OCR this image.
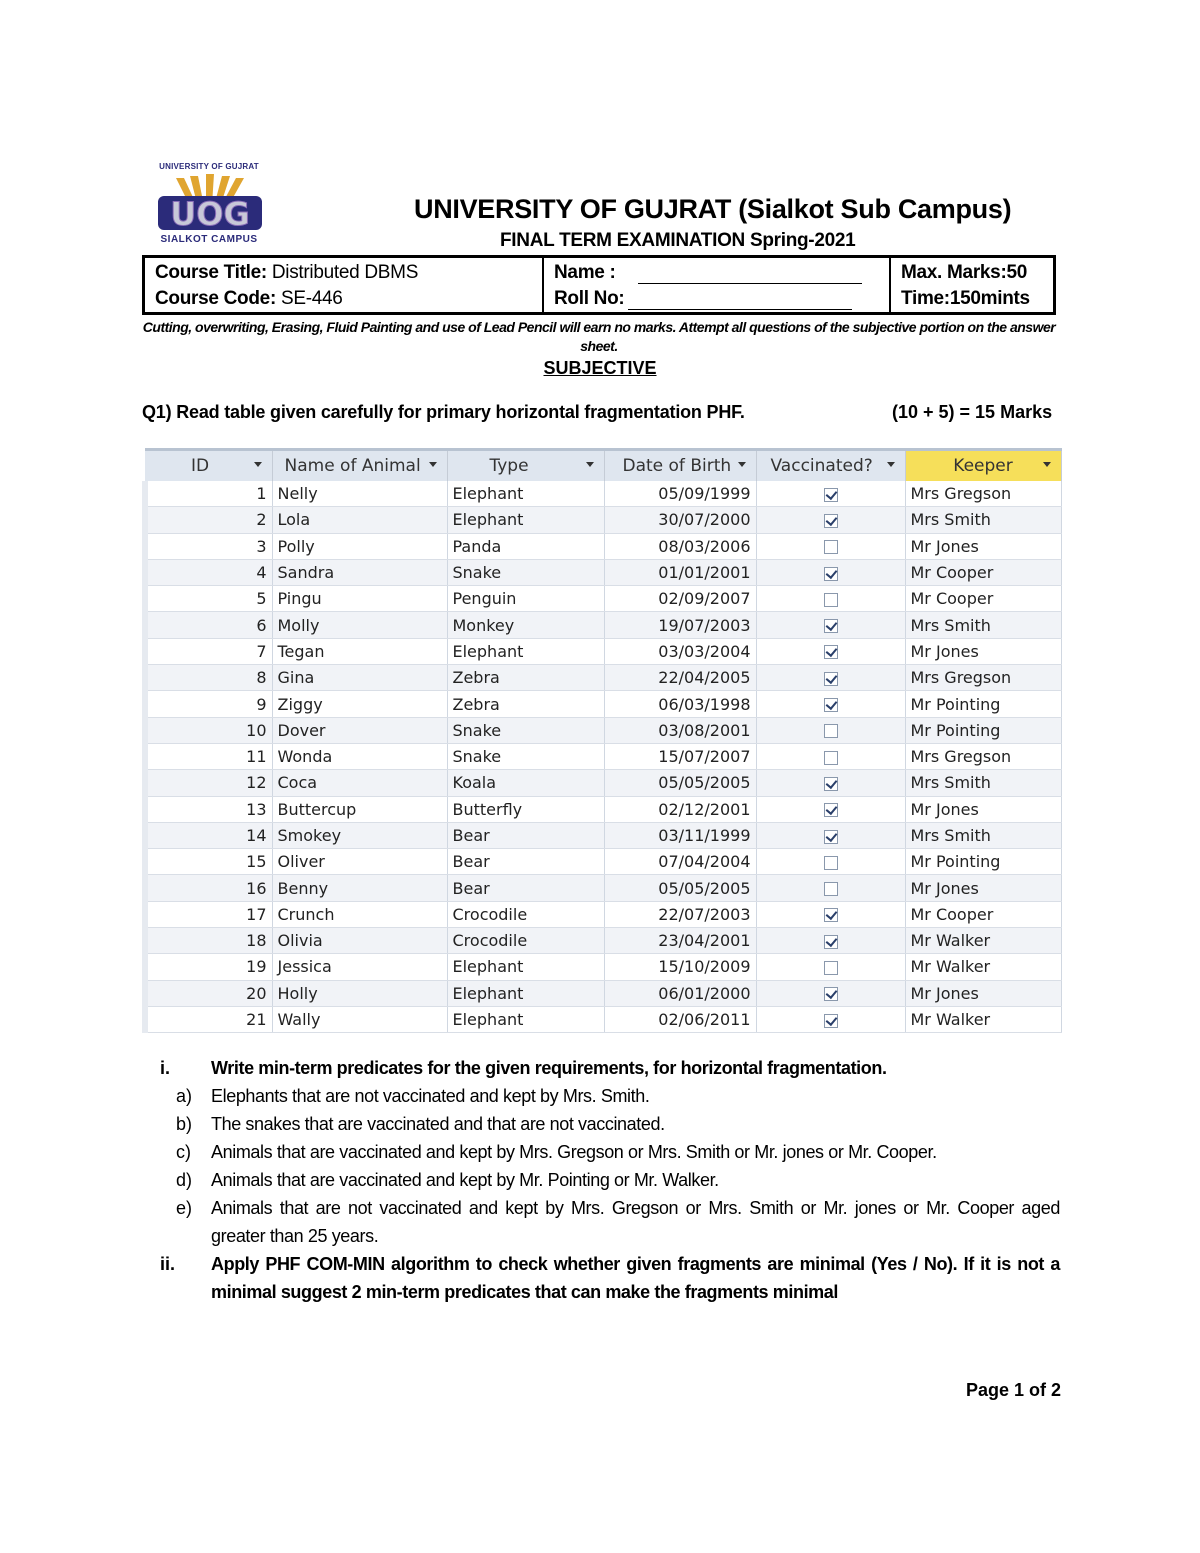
UNIVERSITY OF GUJRAT
UOG
SIALKOT CAMPUS
UNIVERSITY OF GUJRAT (Sialkot Sub Campus)
FINAL TERM EXAMINATION Spring-2021
Course Title: Distributed DBMS
Course Code: SE-446
Name :
Roll No:
Max. Marks:50
Time:150mints
Cutting, overwriting, Erasing, Fluid Painting and use of Lead Pencil will earn no marks. Attempt all questions of the subjective portion on the answer sheet.
SUBJECTIVE
Q1) Read table given carefully for primary horizontal fragmentation PHF.	(10 + 5) = 15 Marks
ID	Name of Animal	Type	Date of Birth	Vaccinated?	Keeper

1	Nelly	Elephant	05/09/1999		Mrs Gregson
2	Lola	Elephant	30/07/2000		Mrs Smith
3	Polly	Panda	08/03/2006		Mr Jones
4	Sandra	Snake	01/01/2001		Mr Cooper
5	Pingu	Penguin	02/09/2007		Mr Cooper
6	Molly	Monkey	19/07/2003		Mrs Smith
7	Tegan	Elephant	03/03/2004		Mr Jones
8	Gina	Zebra	22/04/2005		Mrs Gregson
9	Ziggy	Zebra	06/03/1998		Mr Pointing
10	Dover	Snake	03/08/2001		Mr Pointing
11	Wonda	Snake	15/07/2007		Mrs Gregson
12	Coca	Koala	05/05/2005		Mrs Smith
13	Buttercup	Butterfly	02/12/2001		Mr Jones
14	Smokey	Bear	03/11/1999		Mrs Smith
15	Oliver	Bear	07/04/2004		Mr Pointing
16	Benny	Bear	05/05/2005		Mr Jones
17	Crunch	Crocodile	22/07/2003		Mr Cooper
18	Olivia	Crocodile	23/04/2001		Mr Walker
19	Jessica	Elephant	15/10/2009		Mr Walker
20	Holly	Elephant	06/01/2000		Mr Jones
21	Wally	Elephant	02/06/2011		Mr Walker
i.	Write min-term predicates for the given requirements, for horizontal fragmentation.
a)	Elephants that are not vaccinated and kept by Mrs. Smith.
b)	The snakes that are vaccinated and that are not vaccinated.
c)	Animals that are vaccinated and kept by Mrs. Gregson or Mrs. Smith or Mr. jones or Mr. Cooper.
d)	Animals that are vaccinated and kept by Mr. Pointing or Mr. Walker.
e)	Animals that are not vaccinated and kept by Mrs. Gregson or Mrs. Smith or Mr. jones or Mr. Cooper aged greater than 25 years.
ii.	Apply PHF COM-MIN algorithm to check whether given fragments are minimal (Yes / No). If it is not a minimal suggest 2 min-term predicates that can make the fragments minimal
Page 1 of 2
